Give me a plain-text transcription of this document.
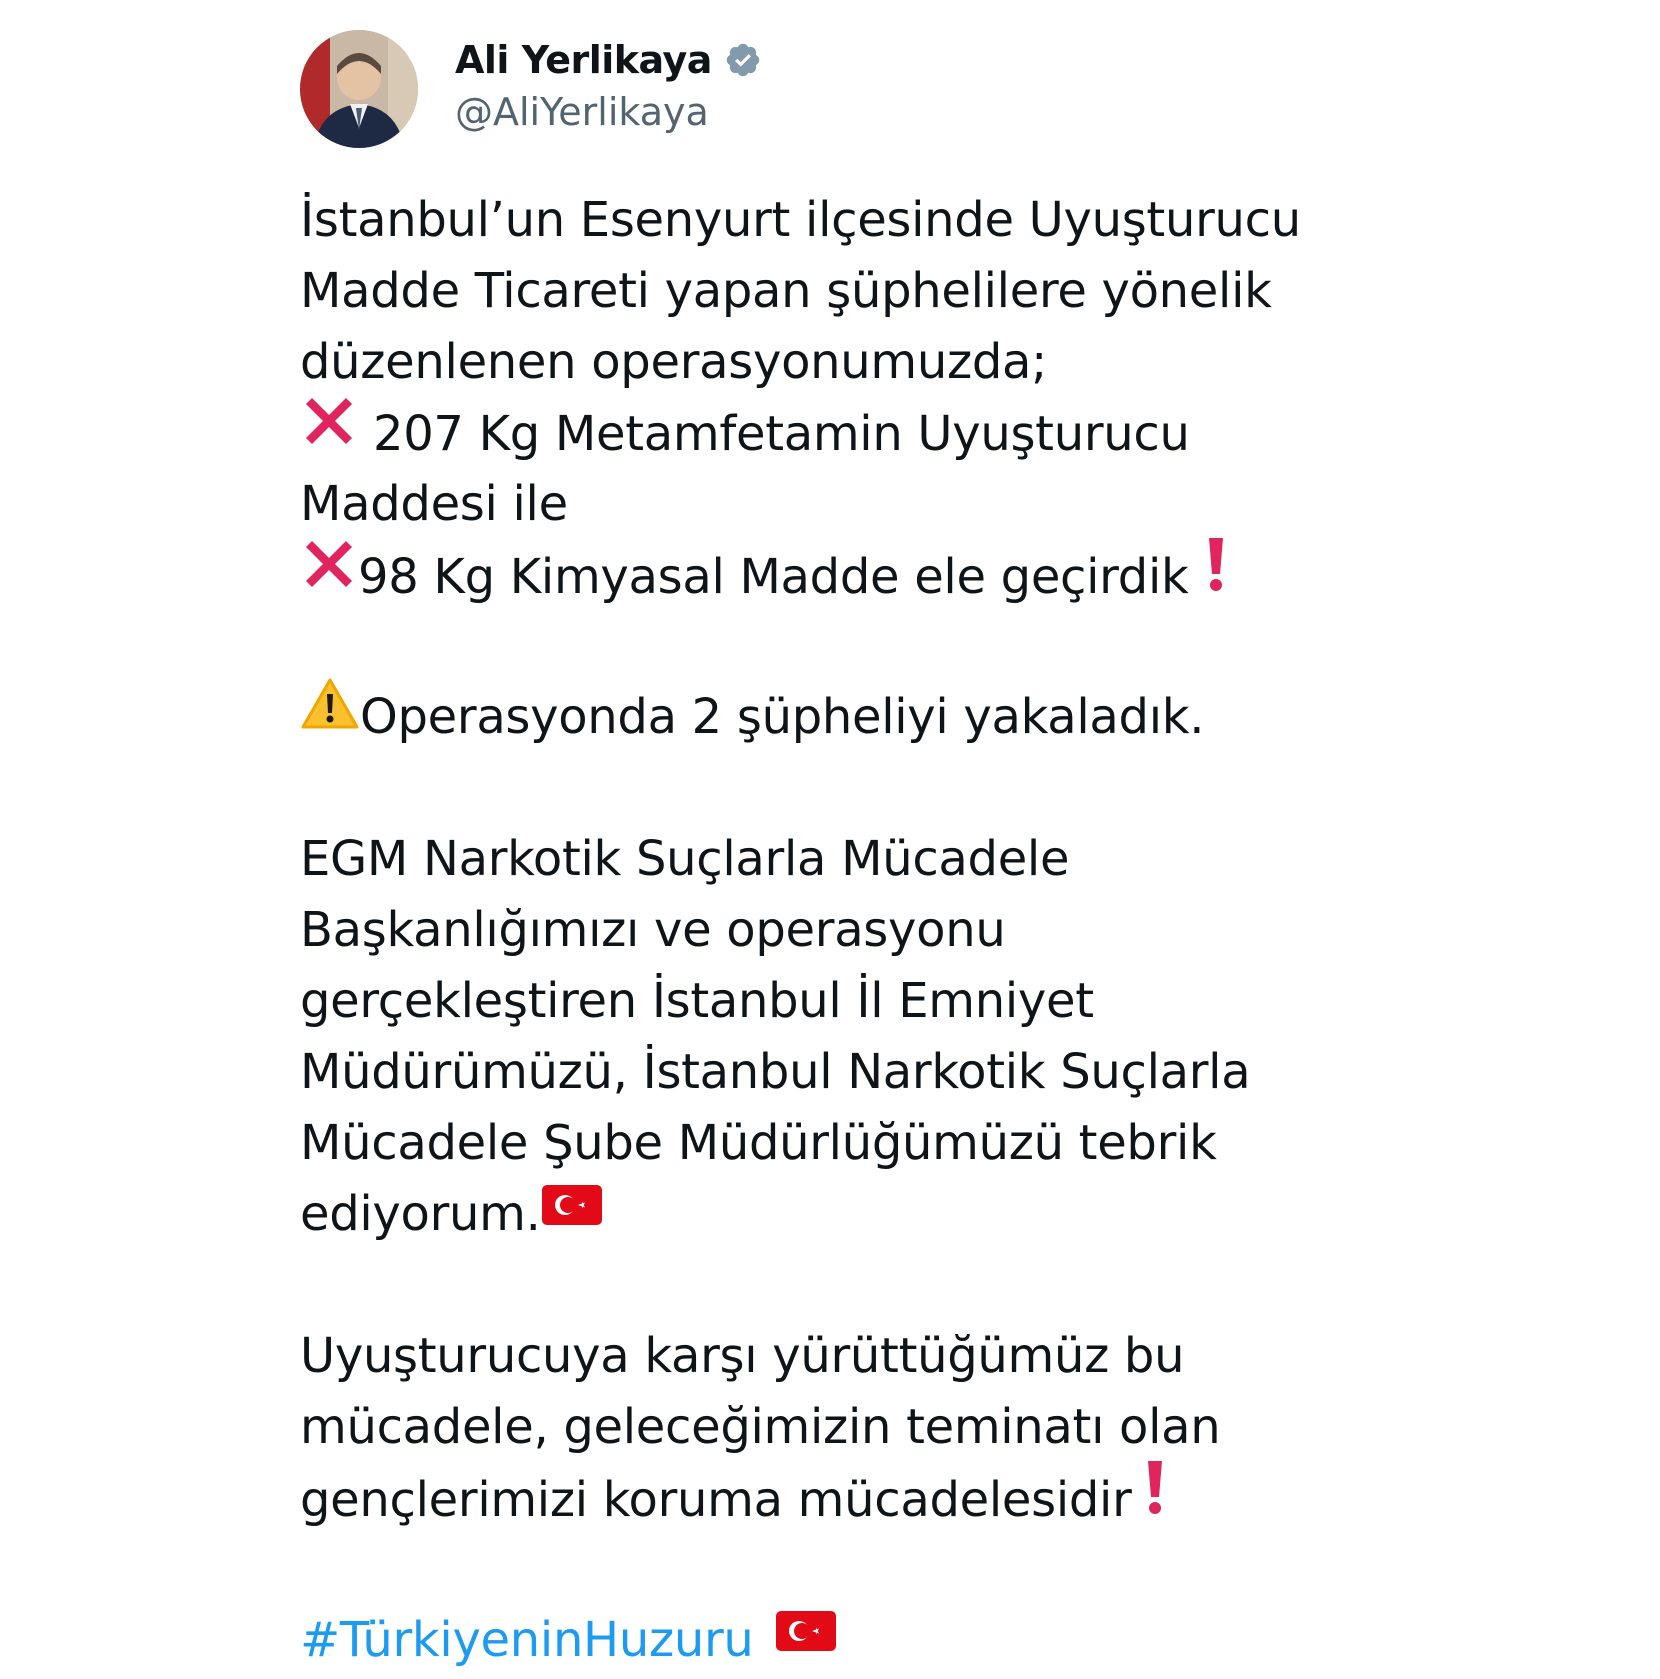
Ali Yerlikaya
@AliYerlikaya
İstanbul’un Esenyurt ilçesinde Uyuşturucu
Madde Ticareti yapan şüphelilere yönelik
düzenlenen operasyonumuzda;
207 Kg Metamfetamin Uyuşturucu
Maddesi ile
98 Kg Kimyasal Madde ele geçirdik
Operasyonda 2 şüpheliyi yakaladık.
EGM Narkotik Suçlarla Mücadele
Başkanlığımızı ve operasyonu
gerçekleştiren İstanbul İl Emniyet
Müdürümüzü, İstanbul Narkotik Suçlarla
Mücadele Şube Müdürlüğümüzü tebrik
ediyorum.
Uyuşturucuya karşı yürüttüğümüz bu
mücadele, geleceğimizin teminatı olan
gençlerimizi koruma mücadelesidir
#TürkiyeninHuzuru
